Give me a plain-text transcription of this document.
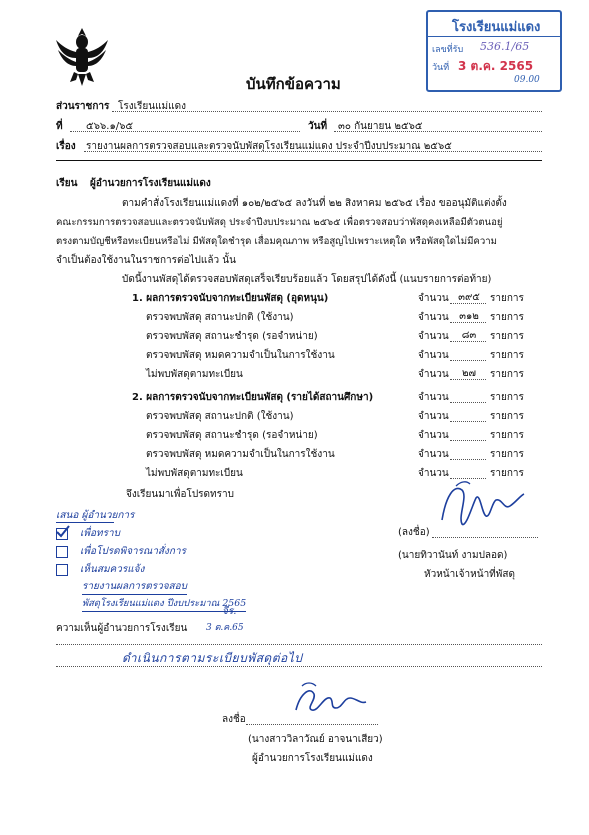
โรงเรียนแม่แดง
เลขที่รับ 536.1/65
วันที่ 3 ต.ค. 2565
09.00
บันทึกข้อความ
ส่วนราชการ โรงเรียนแม่แดง
ที่ ๕๖๖.๑/๖๕	วันที่ ๓๐ กันยายน ๒๕๖๕
เรื่อง รายงานผลการตรวจสอบและตรวจนับพัสดุโรงเรียนแม่แดง ประจำปีงบประมาณ ๒๕๖๕
เรียน ผู้อำนวยการโรงเรียนแม่แดง
ตามคำสั่งโรงเรียนแม่แดงที่ ๑๐๒/๒๕๖๕ ลงวันที่ ๒๒ สิงหาคม ๒๕๖๕ เรื่อง ขออนุมัติแต่งตั้ง
คณะกรรมการตรวจสอบและตรวจนับพัสดุ ประจำปีงบประมาณ ๒๕๖๕ เพื่อตรวจสอบว่าพัสดุคงเหลือมีตัวตนอยู่
ตรงตามบัญชีหรือทะเบียนหรือไม่ มีพัสดุใดชำรุด เสื่อมคุณภาพ หรือสูญไปเพราะเหตุใด หรือพัสดุใดไม่มีความ
จำเป็นต้องใช้งานในราชการต่อไปแล้ว นั้น
บัดนี้งานพัสดุได้ตรวจสอบพัสดุเสร็จเรียบร้อยแล้ว โดยสรุปได้ดังนี้ (แนบรายการต่อท้าย)
1. ผลการตรวจนับจากทะเบียนพัสดุ (อุดหนุน)	จำนวน ๓๙๕	รายการ
ตรวจพบพัสดุ สถานะปกติ (ใช้งาน)	จำนวน	๓๑๒	รายการ
ตรวจพบพัสดุ สถานะชำรุด (รอจำหน่าย)	จำนวน	๘๓	รายการ
ตรวจพบพัสดุ หมดความจำเป็นในการใช้งาน	จำนวน	รายการ
ไม่พบพัสดุตามทะเบียน	จำนวน	๒๗	รายการ
2. ผลการตรวจนับจากทะเบียนพัสดุ (รายได้สถานศึกษา)	จำนวน	รายการ
ตรวจพบพัสดุ สถานะปกติ (ใช้งาน)	จำนวน	รายการ
ตรวจพบพัสดุ สถานะชำรุด (รอจำหน่าย)	จำนวน	รายการ
ตรวจพบพัสดุ หมดความจำเป็นในการใช้งาน	จำนวน	รายการ
ไม่พบพัสดุตามทะเบียน	จำนวน	รายการ
จึงเรียนมาเพื่อโปรดทราบ
(ลงชื่อ)
(นายทิวานันท์ งามปลอด)
หัวหน้าเจ้าหน้าที่พัสดุ
เสนอ ผู้อำนวยการ
เพื่อทราบ
เพื่อโปรดพิจารณาสั่งการ
เห็นสมควรแจ้ง
รายงานผลการตรวจสอบ
พัสดุโรงเรียนแม่แดง ปีงบประมาณ 2565
จีร.
3 ต.ค.65
ความเห็นผู้อำนวยการโรงเรียน
ดำเนินการตามระเบียบพัสดุต่อไป
ลงชื่อ
(นางสาววิลาวัณย์ อาจนาเสียว)
ผู้อำนวยการโรงเรียนแม่แดง
